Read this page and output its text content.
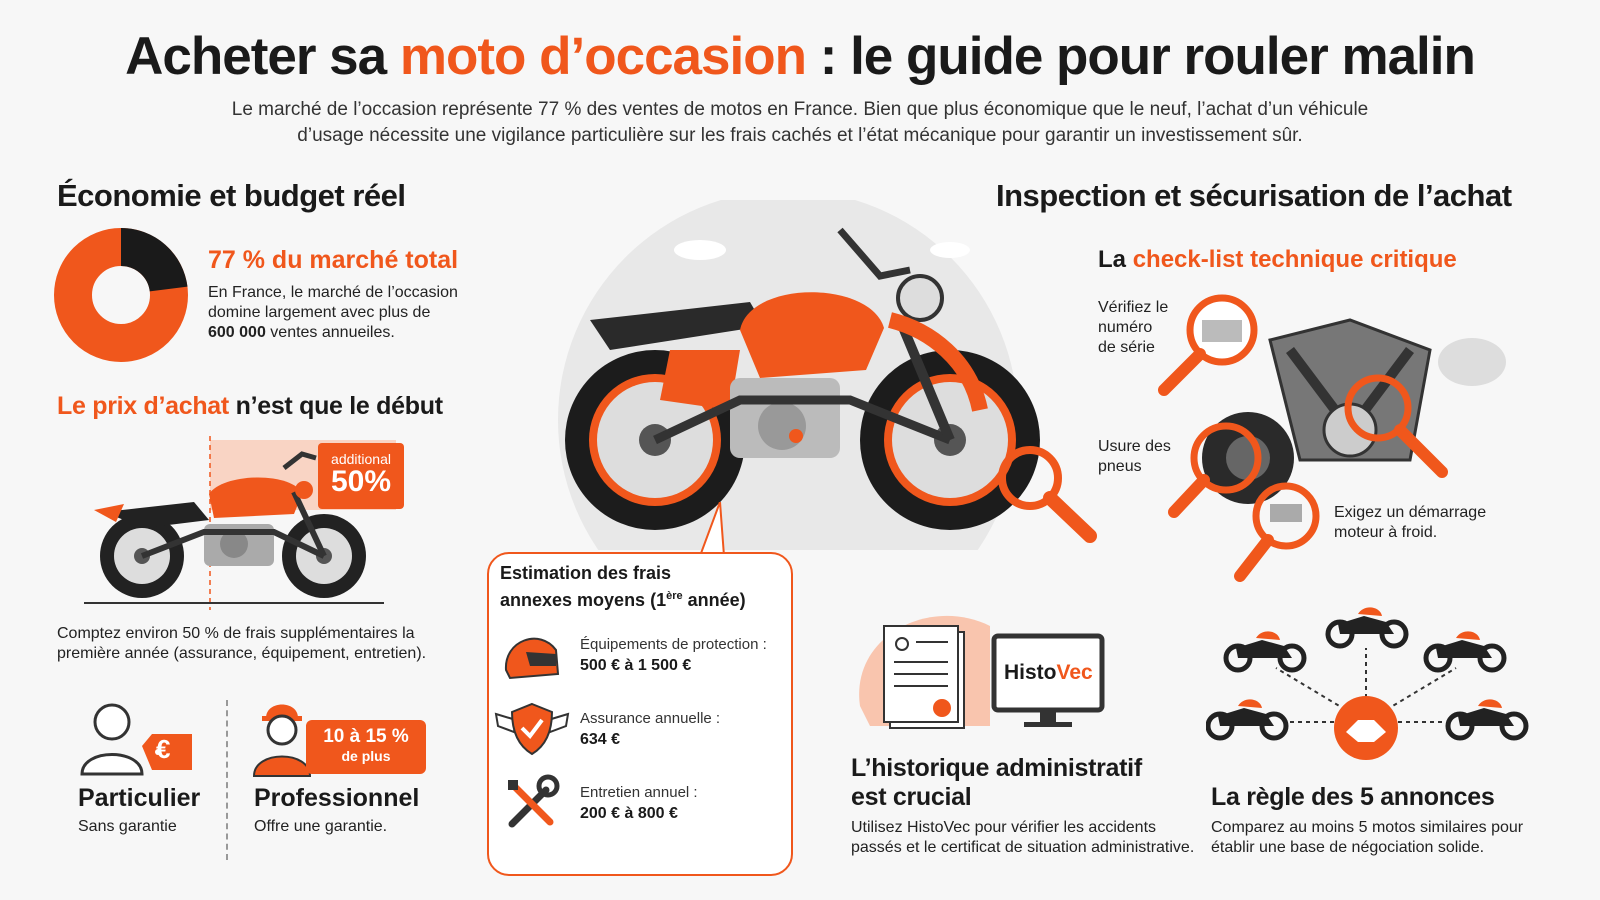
Acheter sa moto d’occasion : le guide pour rouler malin
Le marché de l’occasion représente 77 % des ventes de motos en France. Bien que plus économique que le neuf, l’achat d’un véhicule
d’usage nécessite une vigilance particulière sur les frais cachés et l’état mécanique pour garantir un investissement sûr.
Économie et budget réel
77 % du marché total
En France, le marché de l’occasion
domine largement avec plus de
600 000 ventes annueiles.
Le prix d’achat n’est que le début
additional
50%
Comptez environ 50 % de frais supplémentaires la
première année (assurance, équipement, entretien).
€
Particulier
Sans garantie
10 à 15 %
de plus
Professionnel
Offre une garantie.
Estimation des frais
annexes moyens (1ère année)
Équipements de protection :
500 € à 1 500 €
Assurance annuelle :
634 €
Entretien annuel :
200 € à 800 €
Inspection et sécurisation de l’achat
La check-list technique critique
Vérifiez le
numéro
de série
Usure des
pneus
Exigez un démarrage
moteur à froid.
HistoVec
L’historique administratif
est crucial
Utilisez HistoVec pour vérifier les accidents
passés et le certificat de situation administrative.
La règle des 5 annonces
Comparez au moins 5 motos similaires pour
établir une base de négociation solide.
